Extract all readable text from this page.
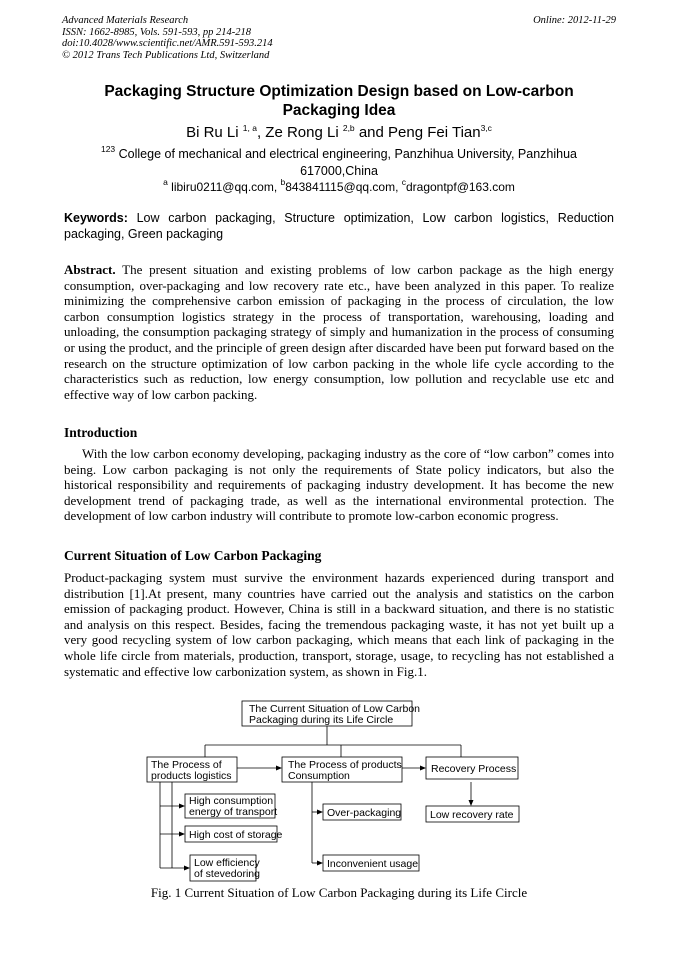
Advanced Materials Research
ISSN: 1662-8985, Vols. 591-593, pp 214-218
doi:10.4028/www.scientific.net/AMR.591-593.214
© 2012 Trans Tech Publications Ltd, Switzerland
Online: 2012-11-29
Packaging Structure Optimization Design based on Low-carbon Packaging Idea
Bi Ru Li $^{1, a}$, Ze Rong Li $^{2,b}$ and Peng Fei Tian$^{3,c}$
$^{123}$ College of mechanical and electrical engineering, Panzhihua University, Panzhihua 617000,China
$^a$ libiru0211@qq.com, $^b$843841115@qq.com, $^c$dragontpf@163.com
Keywords: Low carbon packaging, Structure optimization, Low carbon logistics, Reduction packaging, Green packaging

Abstract. The present situation and existing problems of low carbon package as the high energy consumption, over-packaging and low recovery rate etc., have been analyzed in this paper. To realize minimizing the comprehensive carbon emission of packaging in the process of circulation, the low carbon consumption logistics strategy in the process of transportation, warehousing, loading and unloading, the consumption packaging strategy of simply and humanization in the process of consuming or using the product, and the principle of green design after discarded have been put forward based on the research on the structure optimization of low carbon packing in the whole life cycle according to the characteristics such as reduction, low energy consumption, low pollution and recyclable use etc and effective way of low carbon packing.

Introduction

With the low carbon economy developing, packaging industry as the core of “low carbon” comes into being. Low carbon packaging is not only the requirements of State policy indicators, but also the historical responsibility and requirements of packaging industry development. It has become the new development trend of packaging trade, as well as the international environmental protection. The development of low carbon industry will contribute to promote low-carbon economic progress.

Current Situation of Low Carbon Packaging

Product-packaging system must survive the environment hazards experienced during transport and distribution [1].At present, many countries have carried out the analysis and statistics on the carbon emission of packaging product. However, China is still in a backward situation, and there is no statistic and analysis on this respect. Besides, facing the tremendous packaging waste, it has not yet built up a very good recycling system of low carbon packaging, which means that each link of packaging in the whole life circle from materials, production, transport, storage, usage, to recycling has not established a systematic and effective low carbonization system, as shown in Fig.1.

The Current Situation of Low Carbon
Packaging during its Life Circle
The Process of
products logistics
The Process of products
Consumption
Recovery Process
High consumption
energy of transport
High cost of storage
Low efficiency
of stevedoring
Over-packaging
Inconvenient usage
Low recovery rate
Fig. 1 Current Situation of Low Carbon Packaging during its Life Circle
